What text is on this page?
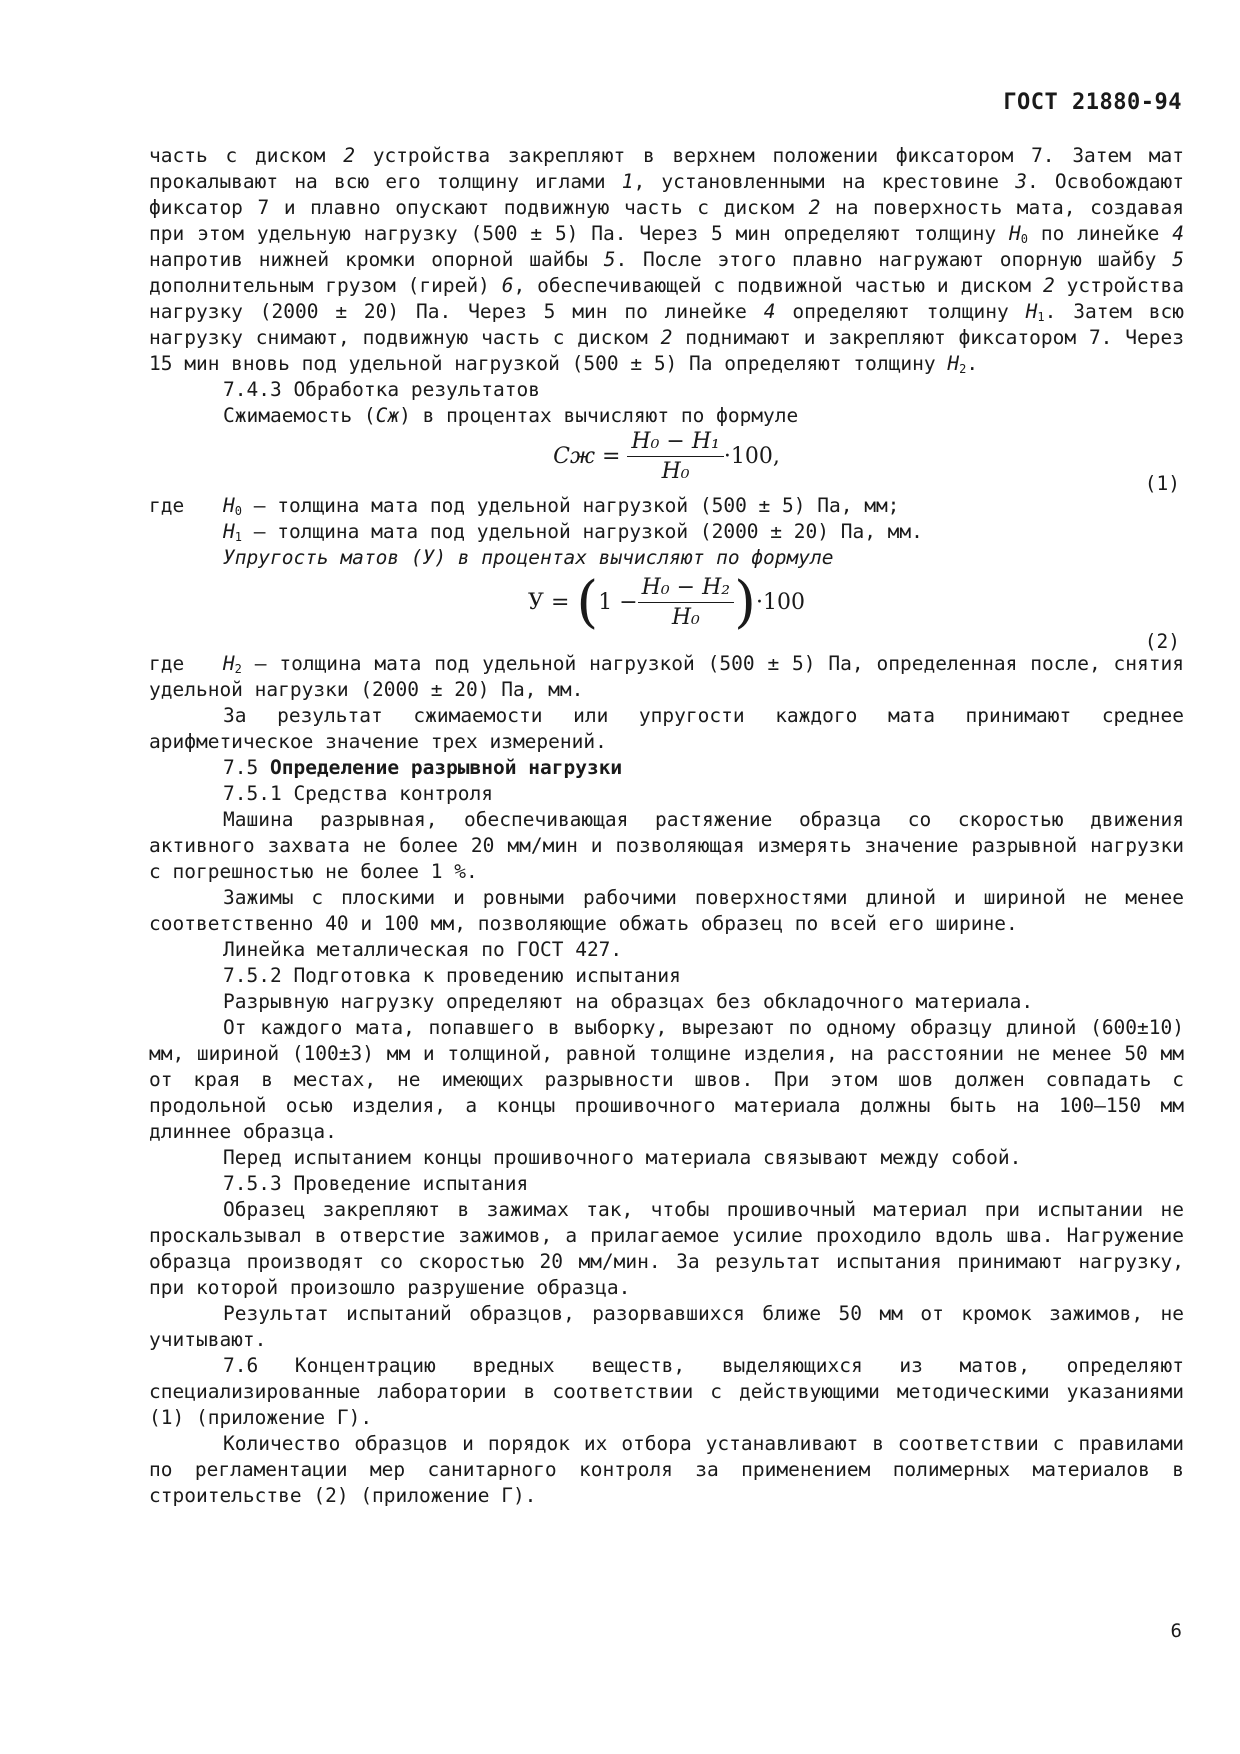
ГОСТ 21880-94

часть с диском 2 устройства закрепляют в верхнем положении фиксатором 7. Затем мат прокалывают на всю его толщину иглами 1, установленными на крестовине 3. Освобождают фиксатор 7 и плавно опускают подвижную часть с диском 2 на поверхность мата, создавая при этом удельную нагрузку (500 ± 5) Па. Через 5 мин определяют толщину $H_0$ по линейке 4 напротив нижней кромки опорной шайбы 5. После этого плавно нагружают опорную шайбу 5 дополнительным грузом (гирей) 6, обеспечивающей с подвижной частью и диском 2 устройства нагрузку (2000 ± 20) Па. Через 5 мин по линейке 4 определяют толщину $H_1$. Затем всю нагрузку снимают, подвижную часть с диском 2 поднимают и закрепляют фиксатором 7. Через 15 мин вновь под удельной нагрузкой (500 ± 5) Па определяют толщину $H_2$.

7.4.3 Обработка результатов

Сжимаемость (Сж) в процентах вычисляют по формуле

Сж = $\frac{\text{H₀ − H₁}}{\text{H₀}} \cdot 100$,
(1)
где	$H_0$ — толщина мата под удельной нагрузкой (500 ± 5) Па, мм;
$H_1$ — толщина мата под удельной нагрузкой (2000 ± 20) Па, мм.
Упругость матов (У) в процентах вычисляют по формуле
$У = (1 - \frac{\text{H₀ − H₂}}{\text{H₀}} )\cdot 100$
(2)

где $H_2$ — толщина мата под удельной нагрузкой (500 ± 5) Па, определенная после, снятия удельной нагрузки (2000 ± 20) Па, мм.

За результат сжимаемости или упругости каждого мата принимают среднее арифметическое значение трех измерений.

7.5 Определение разрывной нагрузки

7.5.1 Средства контроля

Машина разрывная, обеспечивающая растяжение образца со скоростью движения активного захвата не более 20 мм/мин и позволяющая измерять значение разрывной нагрузки с погрешностью не более 1 %.

Зажимы с плоскими и ровными рабочими поверхностями длиной и шириной не менее соответственно 40 и 100 мм, позволяющие обжать образец по всей его ширине.

Линейка металлическая по ГОСТ 427.

7.5.2 Подготовка к проведению испытания

Разрывную нагрузку определяют на образцах без обкладочного материала.

От каждого мата, попавшего в выборку, вырезают по одному образцу длиной (600±10) мм, шириной (100±3) мм и толщиной, равной толщине изделия, на расстоянии не менее 50 мм от края в местах, не имеющих разрывности швов. При этом шов должен совпадать с продольной осью изделия, а концы прошивочного материала должны быть на 100—150 мм длиннее образца.

Перед испытанием концы прошивочного материала связывают между собой.

7.5.3 Проведение испытания

Образец закрепляют в зажимах так, чтобы прошивочный материал при испытании не проскальзывал в отверстие зажимов, а прилагаемое усилие проходило вдоль шва. Нагружение образца производят со скоростью 20 мм/мин. За результат испытания принимают нагрузку, при которой произошло разрушение образца.

Результат испытаний образцов, разорвавшихся ближе 50 мм от кромок зажимов, не учитывают.

7.6 Концентрацию вредных веществ, выделяющихся из матов, определяют специализированные лаборатории в соответствии с действующими методическими указаниями (1) (приложение Г).

Количество образцов и порядок их отбора устанавливают в соответствии с правилами по регламентации мер санитарного контроля за применением полимерных материалов в строительстве (2) (приложение Г).

6
